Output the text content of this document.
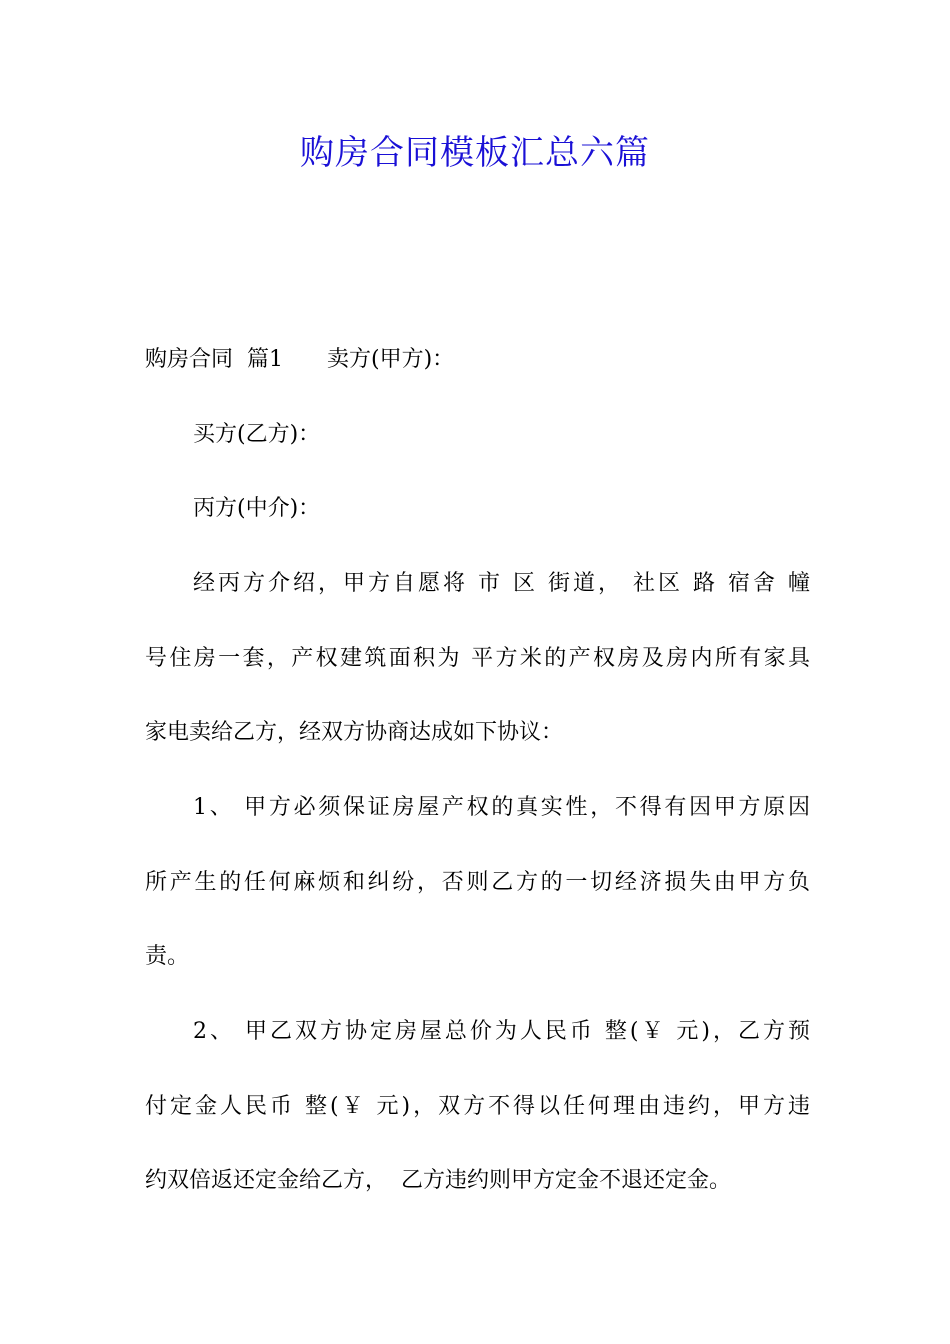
购房合同模板汇总六篇
购房合同  篇1 卖方(甲方)：
买方(乙方)：
丙方(中介)：
经丙方介绍，甲方自愿将 市 区 街道， 社区 路 宿舍 幢
号住房一套，产权建筑面积为 平方米的产权房及房内所有家具
家电卖给乙方，经双方协商达成如下协议：
1、 甲方必须保证房屋产权的真实性，不得有因甲方原因
所产生的任何麻烦和纠纷，否则乙方的一切经济损失由甲方负
责。
2、 甲乙双方协定房屋总价为人民币 整(￥ 元)，乙方预
付定金人民币 整(￥ 元)，双方不得以任何理由违约，甲方违
约双倍返还定金给乙方，  乙方违约则甲方定金不退还定金。
